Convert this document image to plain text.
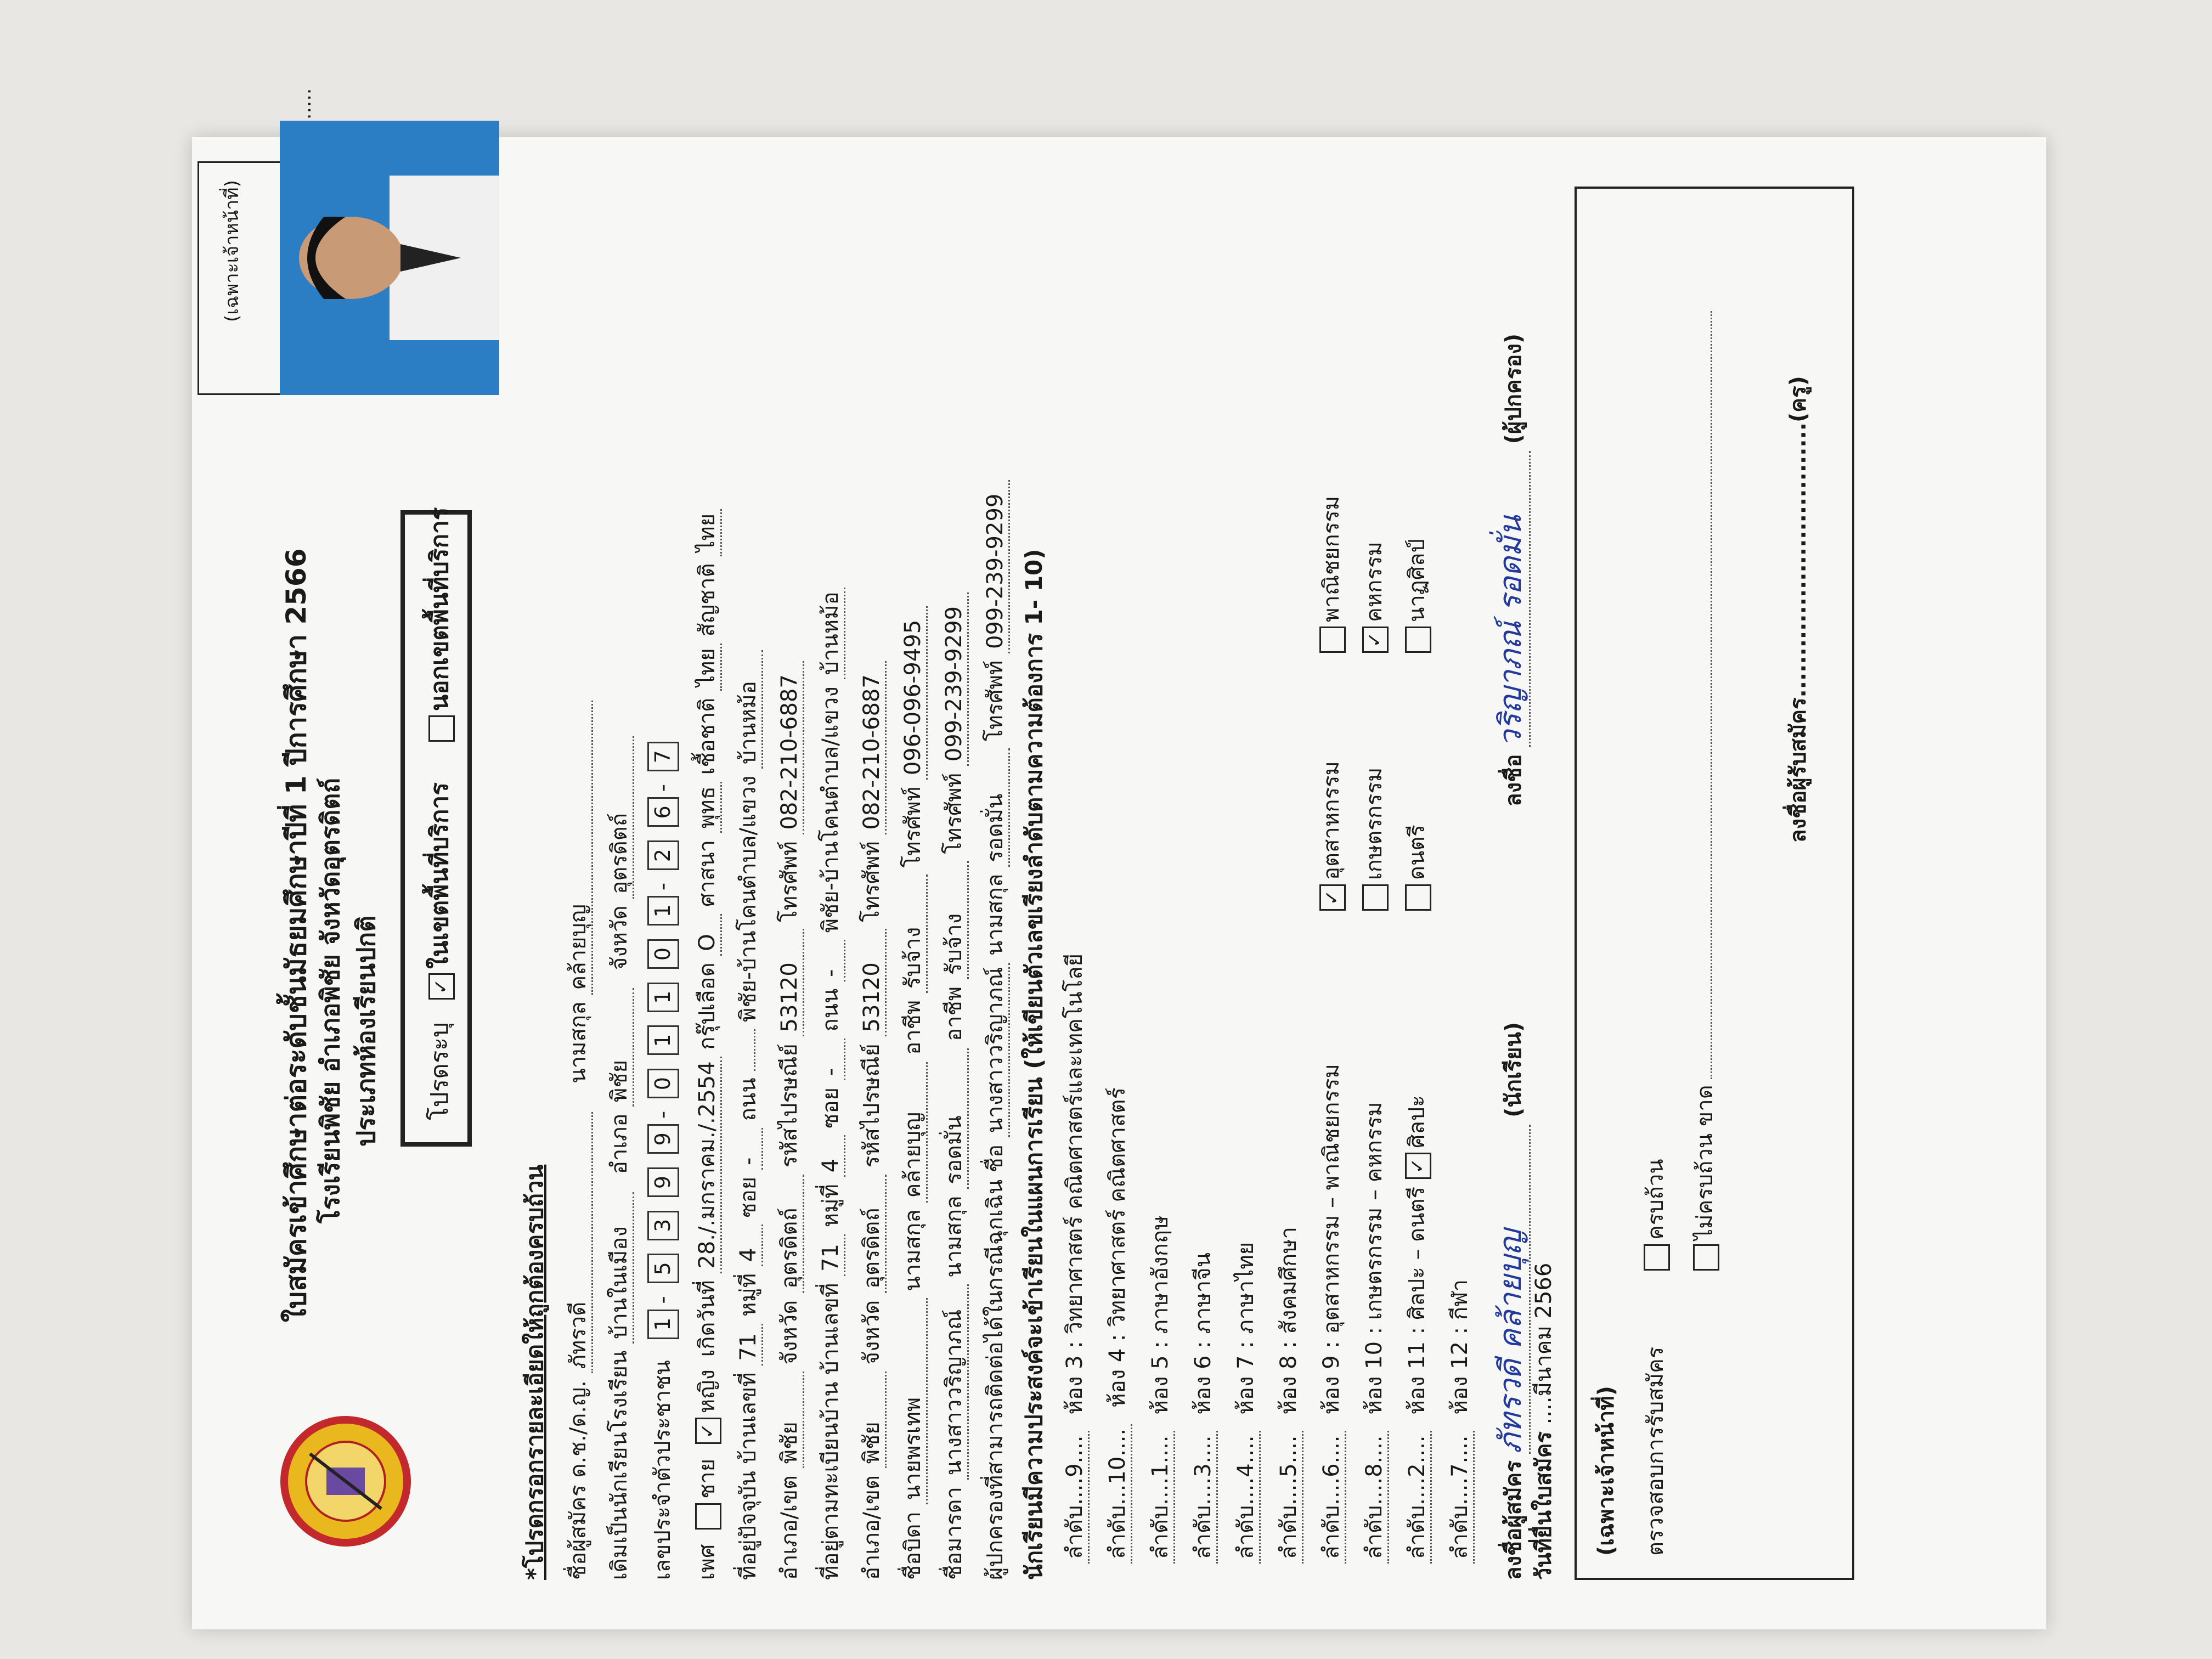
ใบสมัครเข้าศึกษาต่อระดับชั้นมัธยมศึกษาปีที่ 1 ปีการศึกษา 2566 โรงเรียนพิชัย อำเภอพิชัย จังหวัดอุตรดิตถ์ ประเภทห้องเรียนปกติ
(เฉพาะเจ้าหน้าที่)
โปรดระบุ
✓ในเขตพื้นที่บริการ
นอกเขตพื้นที่บริการ
*โปรดกรอกรายละเอียดให้ถูกต้องครบถ้วน ชื่อผู้สมัคร ด.ช./ด.ญ. ภัทรวดี นามสกุล คล้ายบุญ
เดิมเป็นนักเรียนโรงเรียน บ้านในเมือง อำเภอ พิชัย จังหวัด อุตรดิตถ์
เลขประจำตัวประชาชน 1- 5 3 9 9- 0 1 1 0 1- 2 6- 7
เพศ ชาย ✓หญิง เกิดวันที่ 28./.มกราคม./.2554 กรุ๊ปเลือด O ศาสนา พุทธ เชื้อชาติ ไทย สัญชาติ ไทย
ที่อยู่ปัจจุบัน บ้านเลขที่ 71 หมู่ที่ 4 ซอย - ถนน  พิชัย-บ้านโคนตำบล/แขวง บ้านหม้อ
อำเภอ/เขต พิชัย จังหวัด อุตรดิตถ์ รหัสไปรษณีย์ 53120 โทรศัพท์ 082-210-6887
ที่อยู่ตามทะเบียนบ้าน บ้านเลขที่ 71 หมู่ที่ 4 ซอย - ถนน - พิชัย-บ้านโคนตำบล/แขวง บ้านหม้อ
อำเภอ/เขต พิชัย จังหวัด อุตรดิตถ์ รหัสไปรษณีย์ 53120 โทรศัพท์ 082-210-6887
ชื่อบิดา นายพรเทพ นามสกุล คล้ายบุญ อาชีพ รับจ้าง โทรศัพท์ 096-096-9495
ชื่อมารดา นางสาววริญาภณ์ นามสกุล รอดมั่น อาชีพ รับจ้าง โทรศัพท์ 099-239-9299
ผู้ปกครองที่สามารถติดต่อได้ในกรณีฉุกเฉิน ชื่อ นางสาววริญาภณ์ นามสกุล รอดมั่น โทรศัพท์ 099-239-9299 นักเรียนมีความประสงค์จะเข้าเรียนในแผนการเรียน (ให้เขียนตัวเลขเรียงลำดับตามความต้องการ 1- 10) ลำดับ....9....ห้อง 3 : วิทยาศาสตร์ คณิตศาสตร์และเทคโนโลยี
ลำดับ...10....ห้อง 4 : วิทยาศาสตร์ คณิตศาสตร์
ลำดับ....1....ห้อง 5 : ภาษาอังกฤษ
ลำดับ....3....ห้อง 6 : ภาษาจีน
ลำดับ....4....ห้อง 7 : ภาษาไทย
ลำดับ....5....ห้อง 8 : สังคมศึกษา
ลำดับ....6....ห้อง 9 : อุตสาหกรรม – พาณิชยกรรม
ลำดับ....8....ห้อง 10 : เกษตรกรรม – คหกรรม
ลำดับ....2....ห้อง 11 : ศิลปะ – ดนตรี✓ศิลปะ
ลำดับ....7....ห้อง 12 : กีฬา
✓อุตสาหกรรม
พาณิชยกรรม
เกษตรกรรม
✓คหกรรม
ดนตรี
นาฏศิลป์
ลงชื่อผู้สมัคร ภัทรวดี คล้ายบุญ (นักเรียน)
ลงชื่อ วริญาภณ์ รอดมั่น (ผู้ปกครอง)
วันที่ยื่นใบสมัคร ....มีนาคม 2566
(เฉพาะเจ้าหน้าที่) ตรวจสอบการรับสมัคร
ครบถ้วน ไม่ครบถ้วน ขาด
ลงชื่อผู้รับสมัคร.................................(ครู)
